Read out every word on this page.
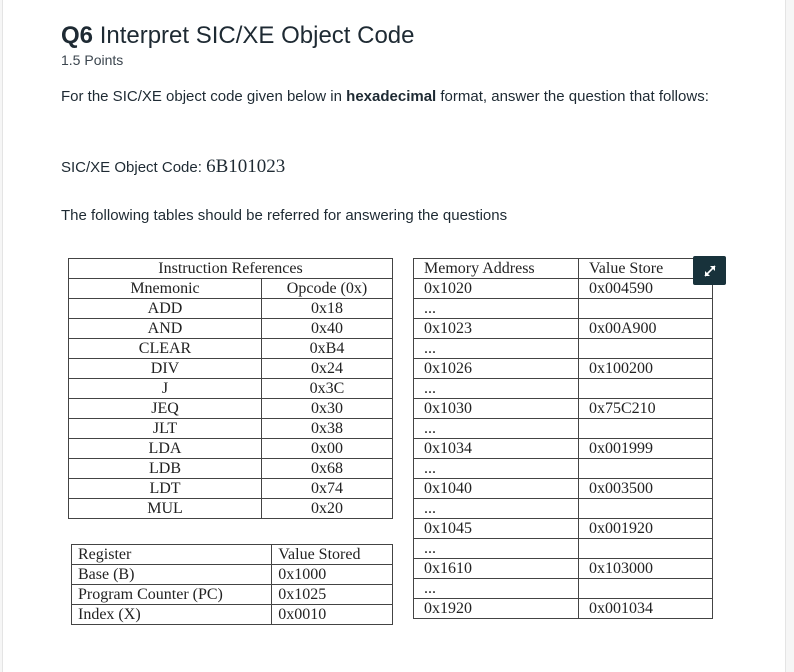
Q6 Interpret SIC/XE Object Code
1.5 Points
For the SIC/XE object code given below in hexadecimal format, answer the question that follows:
SIC/XE Object Code: 6B101023
The following tables should be referred for answering the questions
Instruction References	
Mnemonic	Opcode (0x)
ADD	0x18
AND	0x40
CLEAR	0xB4
DIV	0x24
J	0x3C
JEQ	0x30
JLT	0x38
LDA	0x00
LDB	0x68
LDT	0x74
MUL	0x20
Register	Value Stored
Base (B)	0x1000
Program Counter (PC)	0x1025
Index (X)	0x0010
Memory Address	Value Store
0x1020	0x004590
...	
0x1023	0x00A900
...	
0x1026	0x100200
...	
0x1030	0x75C210
...	
0x1034	0x001999
...	
0x1040	0x003500
...	
0x1045	0x001920
...	
0x1610	0x103000
...	
0x1920	0x001034
